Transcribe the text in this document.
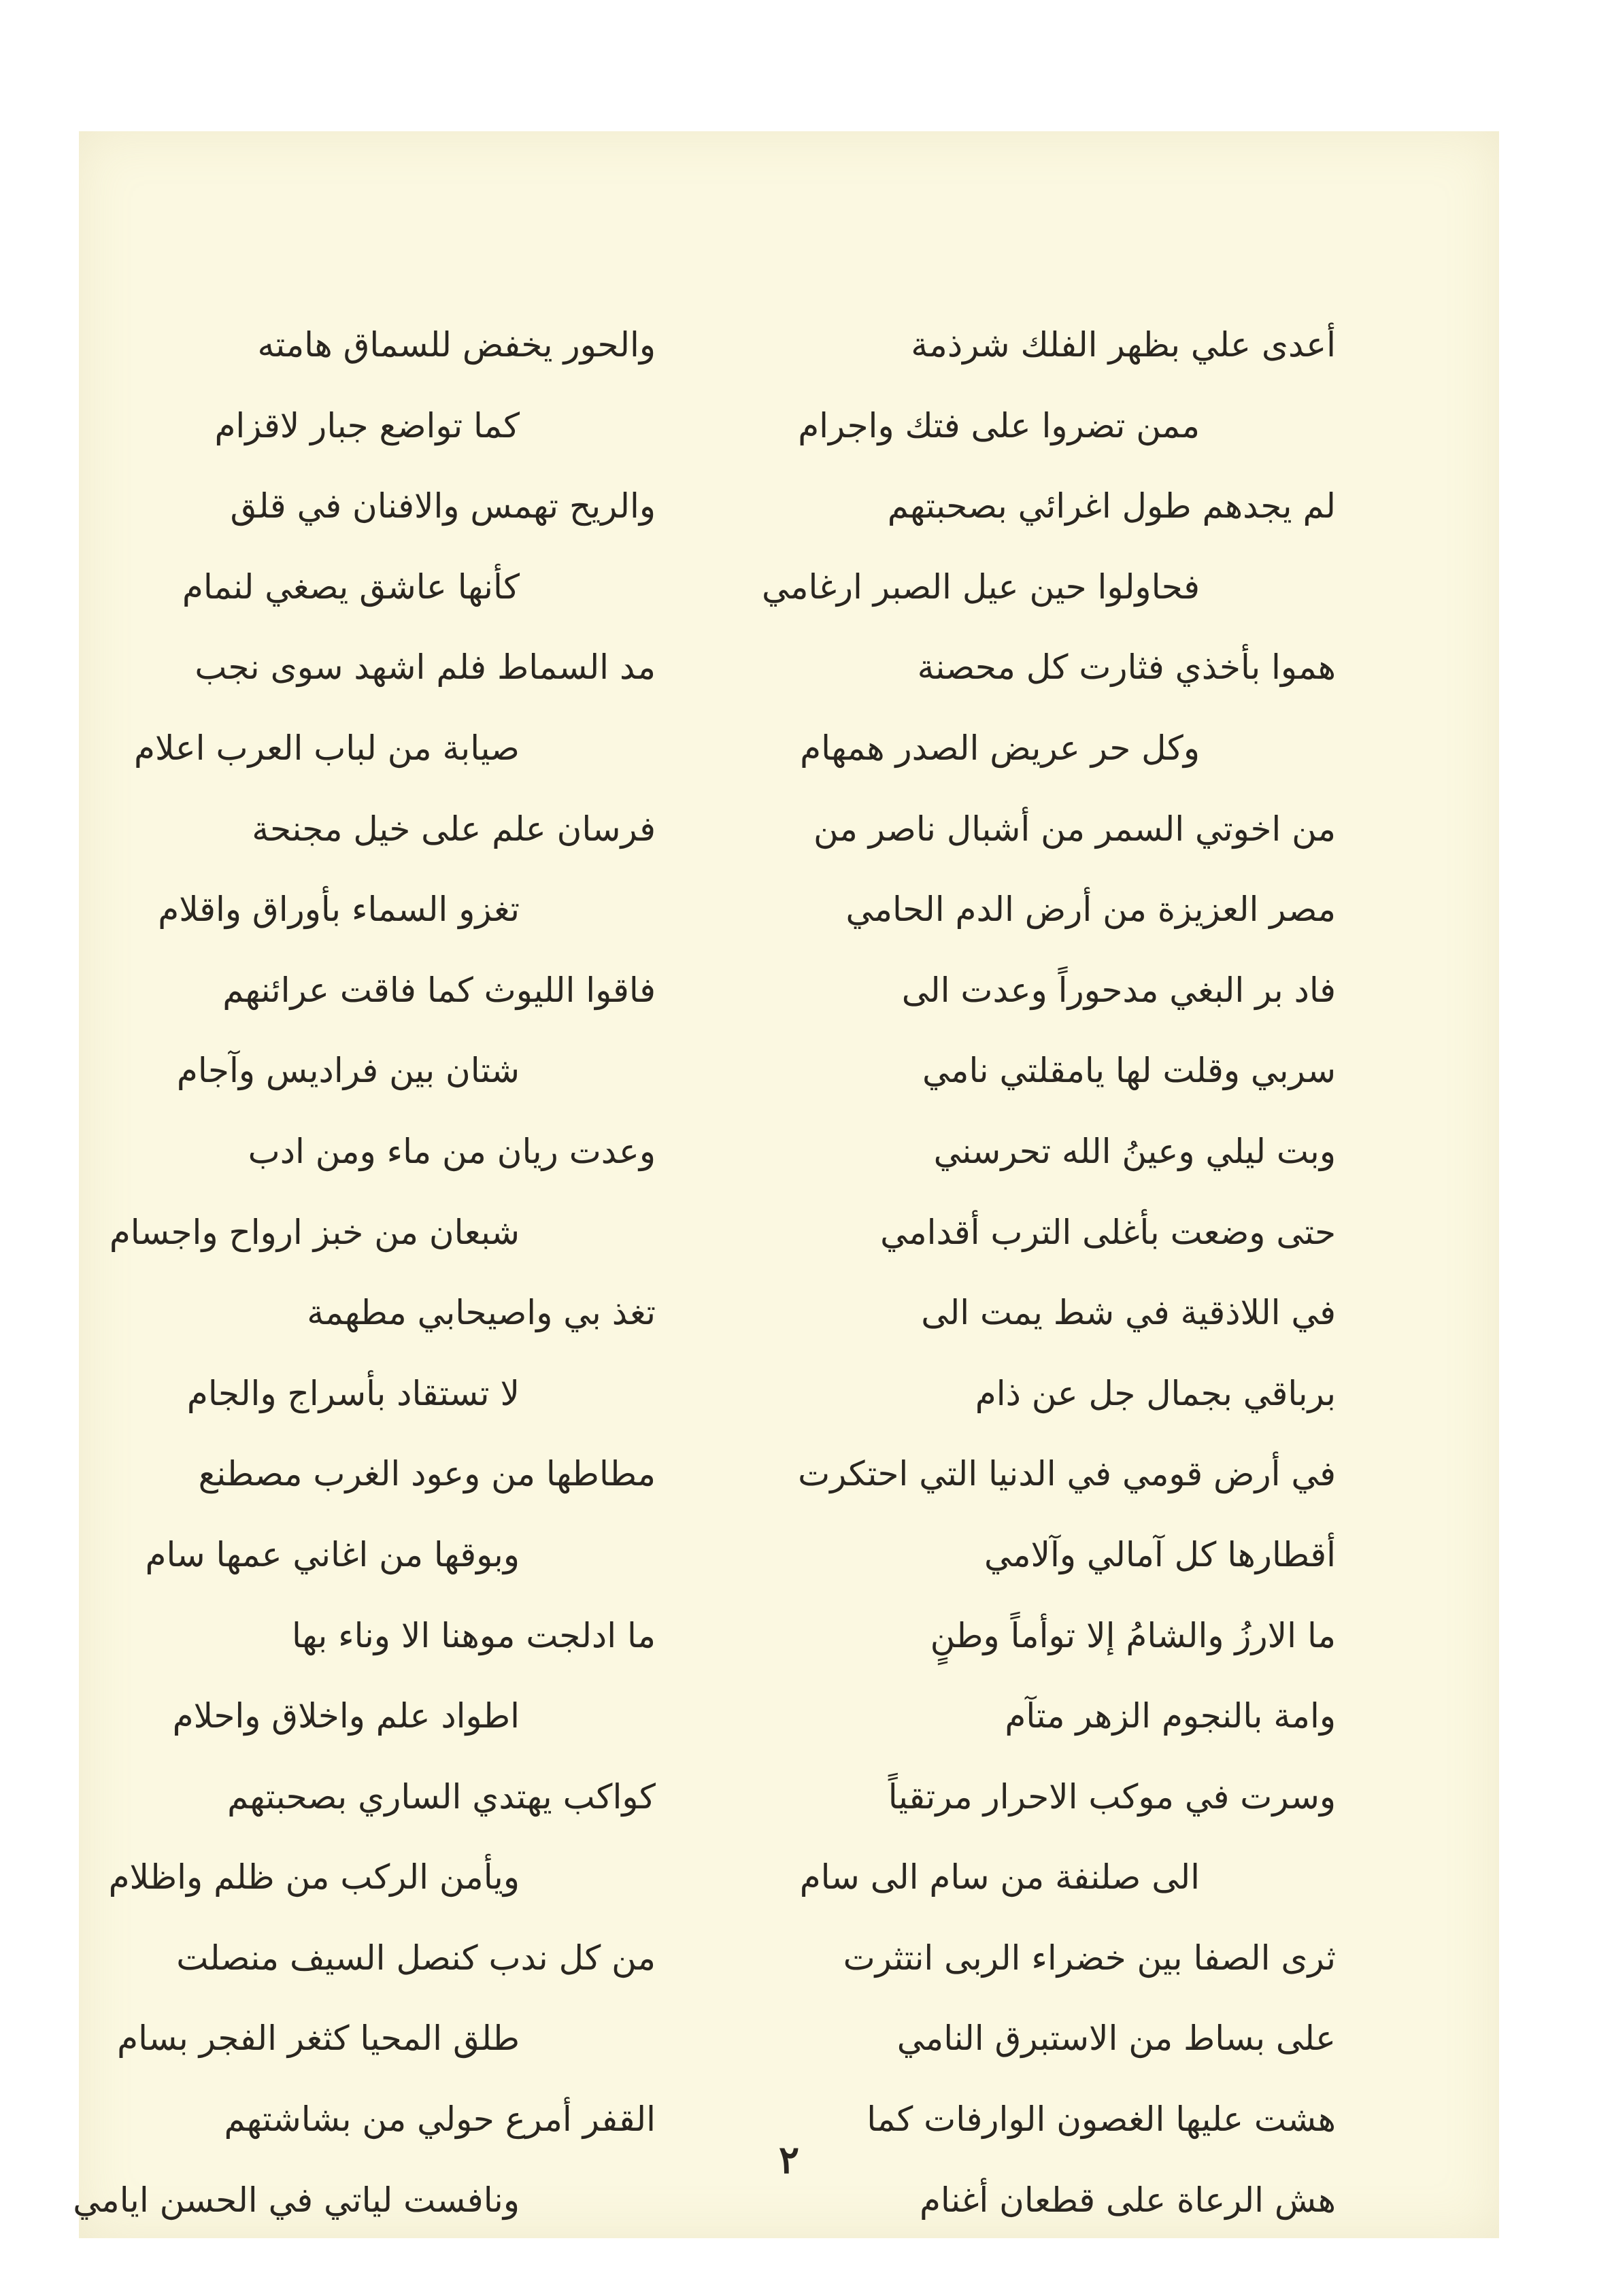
أعدى علي بظهر الفلك شرذمة
ممن تضروا على فتك واجرام
لم يجدهم طول اغرائي بصحبتهم
فحاولوا حين عيل الصبر ارغامي
هموا بأخذي فثارت كل محصنة
وكل حر عريض الصدر همهام
من اخوتي السمر من أشبال ناصر من
مصر العزيزة من أرض الدم الحامي
فاد بر البغي مدحوراً وعدت الى
سربي وقلت لها يامقلتي نامي
وبت ليلي وعينُ الله تحرسني
حتى وضعت بأغلى الترب أقدامي
في اللاذقية في شط يمت الى
برباقي بجمال جل عن ذام
في أرض قومي في الدنيا التي احتكرت
أقطارها كل آمالي وآلامي
ما الارزُ والشامُ إلا توأماً وطنٍ
وامة بالنجوم الزهر متآم
وسرت في موكب الاحرار مرتقياً
الى صلنفة من سام الى سام
ثرى الصفا بين خضراء الربى انتثرت
على بساط من الاستبرق النامي
هشت عليها الغصون الوارفات كما
هش الرعاة على قطعان أغنام
والحور يخفض للسماق هامته
كما تواضع جبار لاقزام
والريح تهمس والافنان في قلق
كأنها عاشق يصغي لنمام
مد السماط فلم اشهد سوى نجب
صيابة من لباب العرب اعلام
فرسان علم على خيل مجنحة
تغزو السماء بأوراق واقلام
فاقوا الليوث كما فاقت عرائنهم
شتان بين فراديس وآجام
وعدت ريان من ماء ومن ادب
شبعان من خبز ارواح واجسام
تغذ بي واصيحابي مطهمة
لا تستقاد بأسراج والجام
مطاطها من وعود الغرب مصطنع
وبوقها من اغاني عمها سام
ما ادلجت موهنا الا وناء بها
اطواد علم واخلاق واحلام
كواكب يهتدي الساري بصحبتهم
ويأمن الركب من ظلم واظلام
من كل ندب كنصل السيف منصلت
طلق المحيا كثغر الفجر بسام
القفر أمرع حولي من بشاشتهم
ونافست لياتي في الحسن ايامي
٢
